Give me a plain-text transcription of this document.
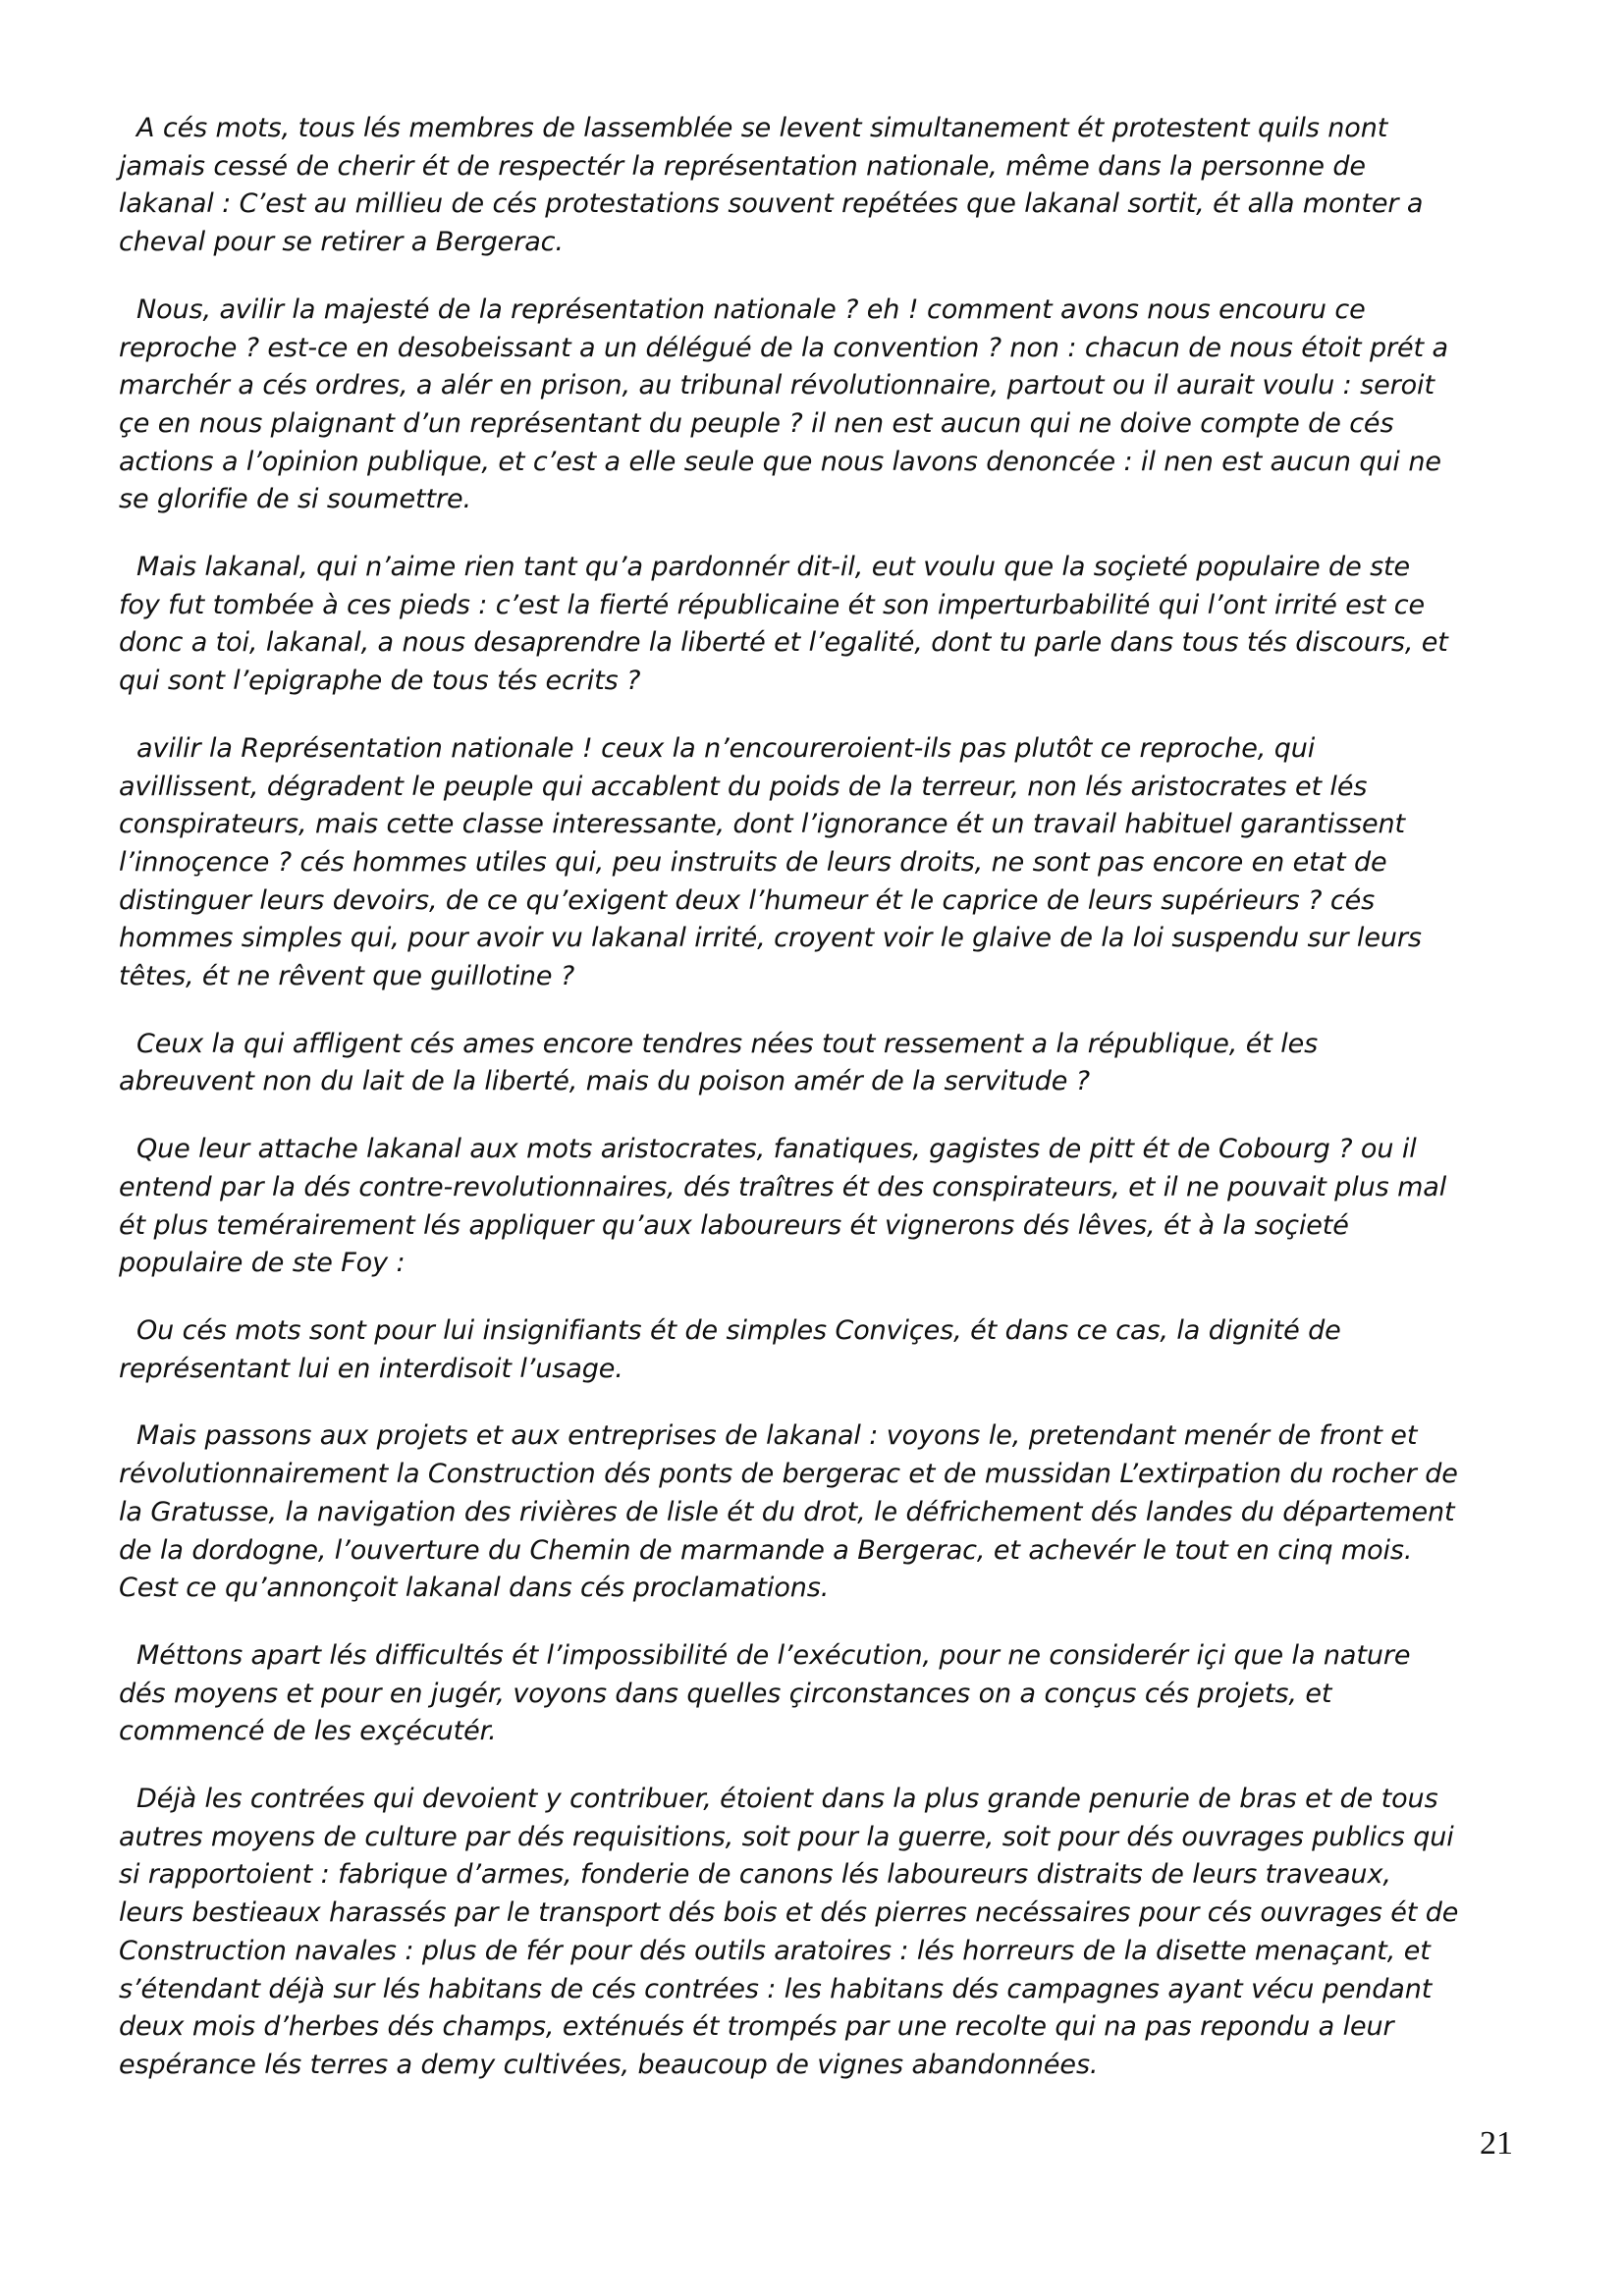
A cés mots, tous lés membres de lassemblée se levent simultanement ét protestent quils nont
jamais cessé de cherir ét de respectér la représentation nationale, même dans la personne de
lakanal : C’est au millieu de cés protestations souvent repétées que lakanal sortit, ét alla monter a
cheval pour se retirer a Bergerac.

Nous, avilir la majesté de la représentation nationale ? eh ! comment avons nous encouru ce
reproche ? est-ce en desobeissant a un délégué de la convention ? non : chacun de nous étoit prét a
marchér a cés ordres, a alér en prison, au tribunal révolutionnaire, partout ou il aurait voulu : seroit
çe en nous plaignant d’un représentant du peuple ? il nen est aucun qui ne doive compte de cés
actions a l’opinion publique, et c’est a elle seule que nous lavons denoncée : il nen est aucun qui ne
se glorifie de si soumettre.

Mais lakanal, qui n’aime rien tant qu’a pardonnér dit-il, eut voulu que la soçieté populaire de ste
foy fut tombée à ces pieds : c’est la fierté républicaine ét son imperturbabilité qui l’ont irrité est ce
donc a toi, lakanal, a nous desaprendre la liberté et l’egalité, dont tu parle dans tous tés discours, et
qui sont l’epigraphe de tous tés ecrits ?

avilir la Représentation nationale ! ceux la n’encoureroient-ils pas plutôt ce reproche, qui
avillissent, dégradent le peuple qui accablent du poids de la terreur, non lés aristocrates et lés
conspirateurs, mais cette classe interessante, dont l’ignorance ét un travail habituel garantissent
l’innoçence ? cés hommes utiles qui, peu instruits de leurs droits, ne sont pas encore en etat de
distinguer leurs devoirs, de ce qu’exigent deux l’humeur ét le caprice de leurs supérieurs ? cés
hommes simples qui, pour avoir vu lakanal irrité, croyent voir le glaive de la loi suspendu sur leurs
têtes, ét ne rêvent que guillotine ?

Ceux la qui affligent cés ames encore tendres nées tout ressement a la république, ét les
abreuvent non du lait de la liberté, mais du poison amér de la servitude ?

Que leur attache lakanal aux mots aristocrates, fanatiques, gagistes de pitt ét de Cobourg ? ou il
entend par la dés contre-revolutionnaires, dés traîtres ét des conspirateurs, et il ne pouvait plus mal
ét plus temérairement lés appliquer qu’aux laboureurs ét vignerons dés lêves, ét à la soçieté
populaire de ste Foy :

Ou cés mots sont pour lui insignifiants ét de simples Conviçes, ét dans ce cas, la dignité de
représentant lui en interdisoit l’usage.

Mais passons aux projets et aux entreprises de lakanal : voyons le, pretendant menér de front et
révolutionnairement la Construction dés ponts de bergerac et de mussidan L’extirpation du rocher de
la Gratusse, la navigation des rivières de lisle ét du drot, le défrichement dés landes du département
de la dordogne, l’ouverture du Chemin de marmande a Bergerac, et achevér le tout en cinq mois.
Cest ce qu’annonçoit lakanal dans cés proclamations.

Méttons apart lés difficultés ét l’impossibilité de l’exécution, pour ne considerér içi que la nature
dés moyens et pour en jugér, voyons dans quelles çirconstances on a conçus cés projets, et
commencé de les exçécutér.

Déjà les contrées qui devoient y contribuer, étoient dans la plus grande penurie de bras et de tous
autres moyens de culture par dés requisitions, soit pour la guerre, soit pour dés ouvrages publics qui
si rapportoient : fabrique d’armes, fonderie de canons lés laboureurs distraits de leurs traveaux,
leurs bestieaux harassés par le transport dés bois et dés pierres necéssaires pour cés ouvrages ét de
Construction navales : plus de fér pour dés outils aratoires : lés horreurs de la disette menaçant, et
s’étendant déjà sur lés habitans de cés contrées : les habitans dés campagnes ayant vécu pendant
deux mois d’herbes dés champs, exténués ét trompés par une recolte qui na pas repondu a leur
espérance lés terres a demy cultivées, beaucoup de vignes abandonnées.

21
